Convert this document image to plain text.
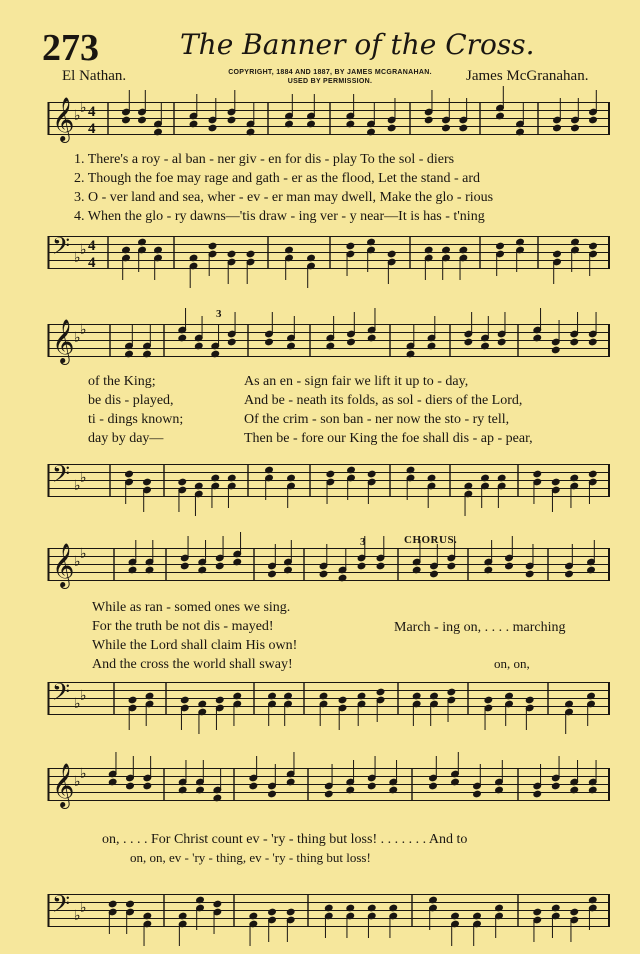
273	The Banner of the Cross.
El Nathan.	COPYRIGHT, 1884 AND 1887, BY JAMES MCGRANAHAN.
USED BY PERMISSION.	James McGranahan.
𝄞 ♭ ♭ 4
4
1. There's a roy - al ban - ner giv - en for dis - play To the sol - diers
2. Though the foe may rage and gath - er as the flood, Let the stand - ard
3. O - ver land and sea, wher - ev - er man may dwell, Make the glo - rious
4. When the glo - ry dawns—'tis draw - ing ver - y near—It is has - t'ning
𝄢 ♭ ♭ 4
4
𝄞 ♭ ♭
3
of the King;	As an en - sign fair we lift it up to - day,
be dis - played,	And be - neath its folds, as sol - diers of the Lord,
ti - dings known;	Of the crim - son ban - ner now the sto - ry tell,
day by day—	Then be - fore our King the foe shall dis - ap - pear,
𝄢 ♭ ♭
CHORUS.
𝄞 ♭ ♭
3
While as ran - somed ones we sing.
For the truth be not dis - mayed!
While the Lord shall claim His own!
And the cross the world shall sway!
March - ing on, . . . . marching
on, on,
𝄢 ♭ ♭
𝄞 ♭ ♭
on, . . . . For Christ count ev - 'ry - thing but loss! . . . . . . . And to
on, on, ev - 'ry - thing, ev - 'ry - thing but loss!
𝄢 ♭ ♭
